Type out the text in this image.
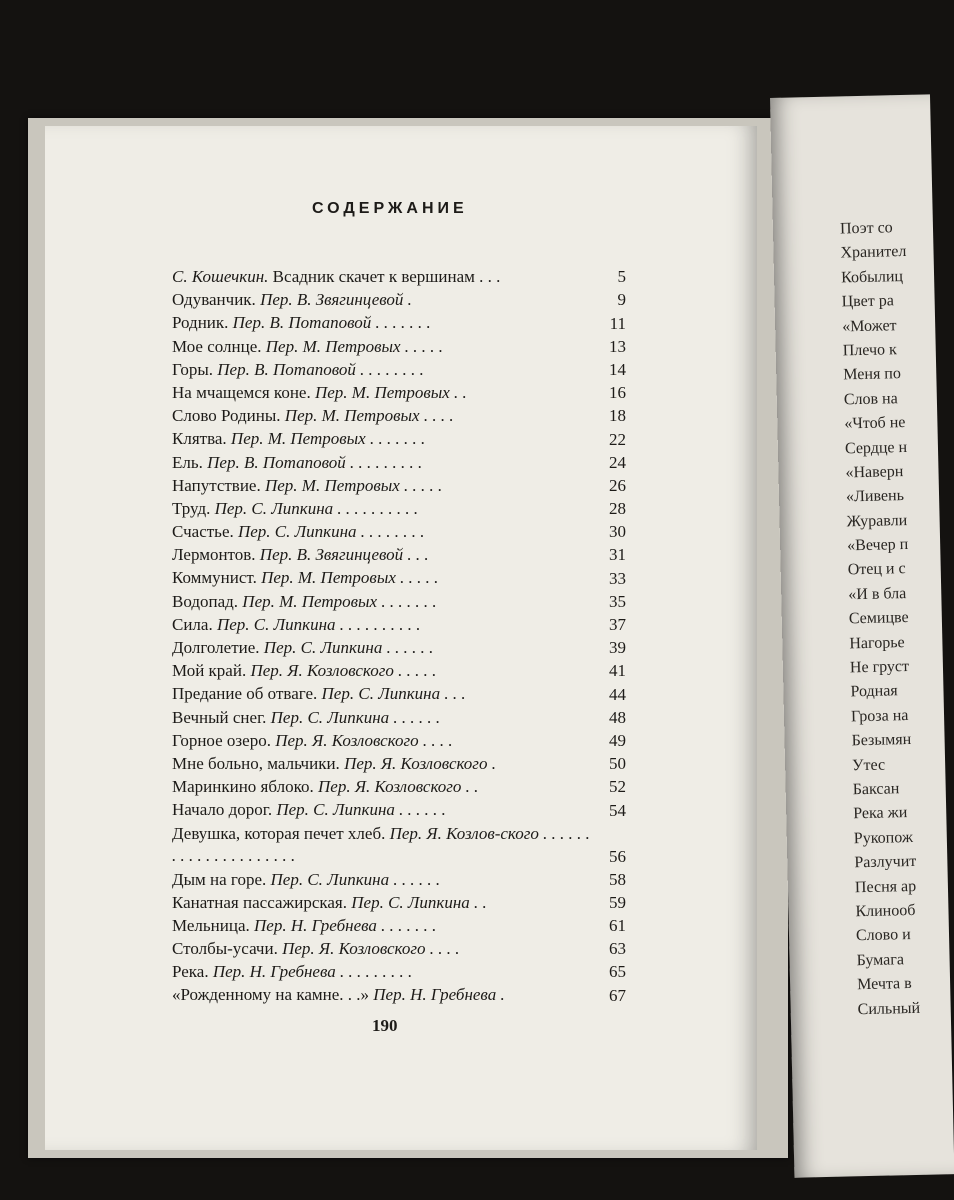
СОДЕРЖАНИЕ
С. Кошечкин. Всадник скачет к вершинам . . .	5
Одуванчик. Пер. В. Звягинцевой .	9
Родник. Пер. В. Потаповой . . . . . . .	11
Мое солнце. Пер. М. Петровых . . . . .	13
Горы. Пер. В. Потаповой . . . . . . . .	14
На мчащемся коне. Пер. М. Петровых . .	16
Слово Родины. Пер. М. Петровых . . . .	18
Клятва. Пер. М. Петровых . . . . . . .	22
Ель. Пер. В. Потаповой . . . . . . . . .	24
Напутствие. Пер. М. Петровых . . . . .	26
Труд. Пер. С. Липкина . . . . . . . . . .	28
Счастье. Пер. С. Липкина . . . . . . . .	30
Лермонтов. Пер. В. Звягинцевой . . .	31
Коммунист. Пер. М. Петровых . . . . .	33
Водопад. Пер. М. Петровых . . . . . . .	35
Сила. Пер. С. Липкина . . . . . . . . . .	37
Долголетие. Пер. С. Липкина . . . . . .	39
Мой край. Пер. Я. Козловского . . . . .	41
Предание об отваге. Пер. С. Липкина . . .	44
Вечный снег. Пер. С. Липкина . . . . . .	48
Горное озеро. Пер. Я. Козловского . . . .	49
Мне больно, мальчики. Пер. Я. Козловского .	50
Маринкино яблоко. Пер. Я. Козловского . .	52
Начало дорог. Пер. С. Липкина . . . . . .	54
Девушка, которая печет хлеб. Пер. Я. Козлов-ского . . . . . . . . . . . . . . . . . . . . .	56
Дым на горе. Пер. С. Липкина . . . . . .	58
Канатная пассажирская. Пер. С. Липкина . .	59
Мельница. Пер. Н. Гребнева . . . . . . .	61
Столбы-усачи. Пер. Я. Козловского . . . .	63
Река. Пер. Н. Гребнева . . . . . . . . .	65
«Рожденному на камне. . .» Пер. Н. Гребнева .	67
190
Поэт со
Хранител
Кобылиц
Цвет ра
«Может
Плечо к
Меня по
Слов на
«Чтоб не
Сердце н
«Наверн
«Ливень
Журавли
«Вечер п
Отец и с
«И в бла
Семицве
Нагорье
Не груст
Родная
Гроза на
Безымян
Утес
Баксан
Река жи
Рукопож
Разлучит
Песня ар
Клинооб
Слово и
Бумага
Мечта в
Сильный
